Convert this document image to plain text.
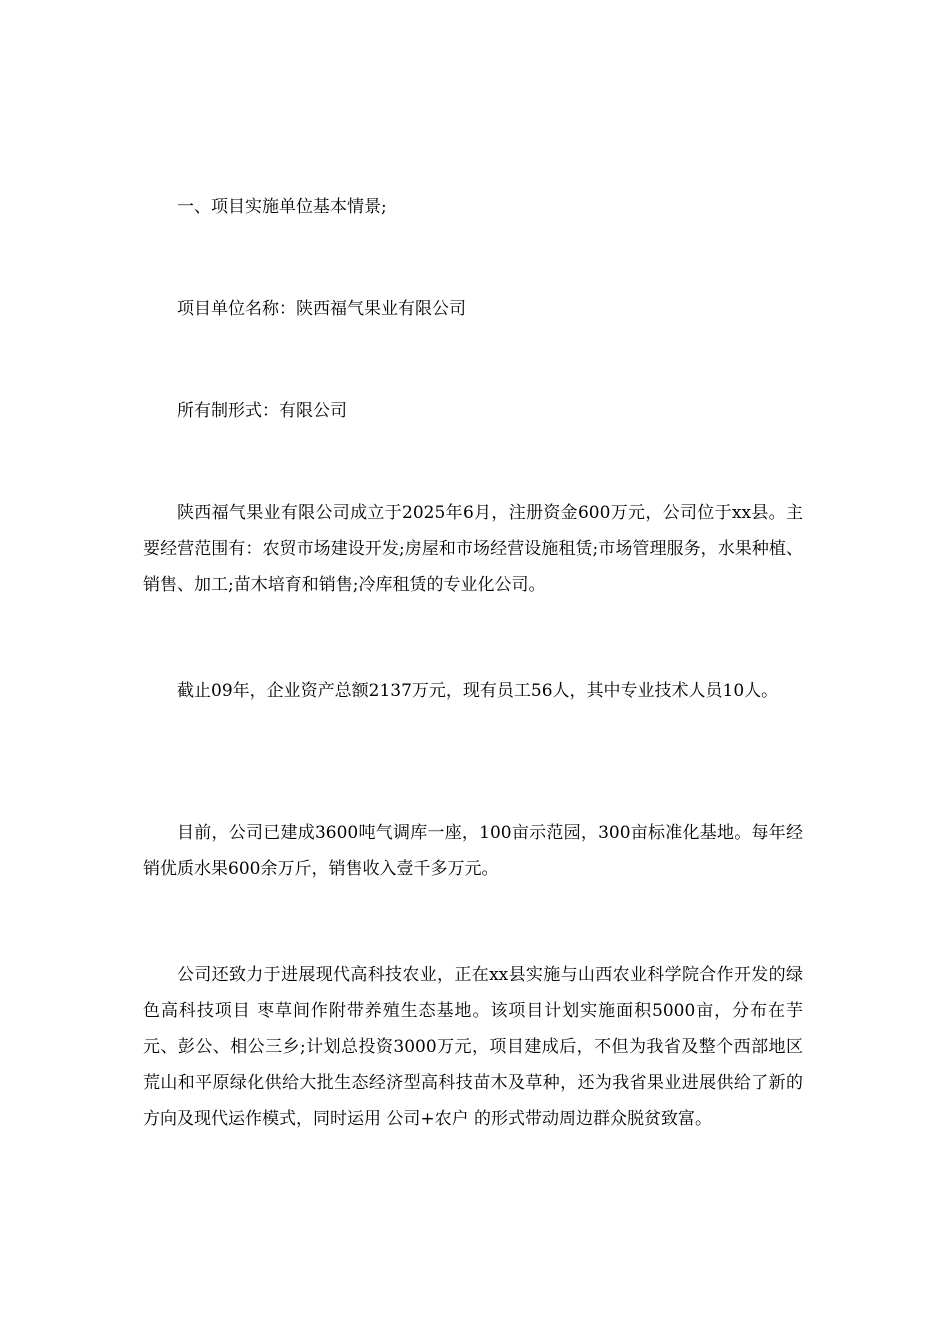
一、项目实施单位基本情景;

项目单位名称：陕西福气果业有限公司

所有制形式：有限公司

陕西福气果业有限公司成立于2025年6月，注册资金600万元，公司位于xx县。主要经营范围有：农贸市场建设开发;房屋和市场经营设施租赁;市场管理服务，水果种植、销售、加工;苗木培育和销售;冷库租赁的专业化公司。

截止09年，企业资产总额2137万元，现有员工56人，其中专业技术人员10人。

目前，公司已建成3600吨气调库一座，100亩示范园，300亩标准化基地。每年经销优质水果600余万斤，销售收入壹千多万元。

公司还致力于进展现代高科技农业，正在xx县实施与山西农业科学院合作开发的绿色高科技项目 枣草间作附带养殖生态基地。该项目计划实施面积5000亩，分布在芋元、彭公、相公三乡;计划总投资3000万元，项目建成后，不但为我省及整个西部地区荒山和平原绿化供给大批生态经济型高科技苗木及草种，还为我省果业进展供给了新的方向及现代运作模式，同时运用 公司+农户 的形式带动周边群众脱贫致富。
